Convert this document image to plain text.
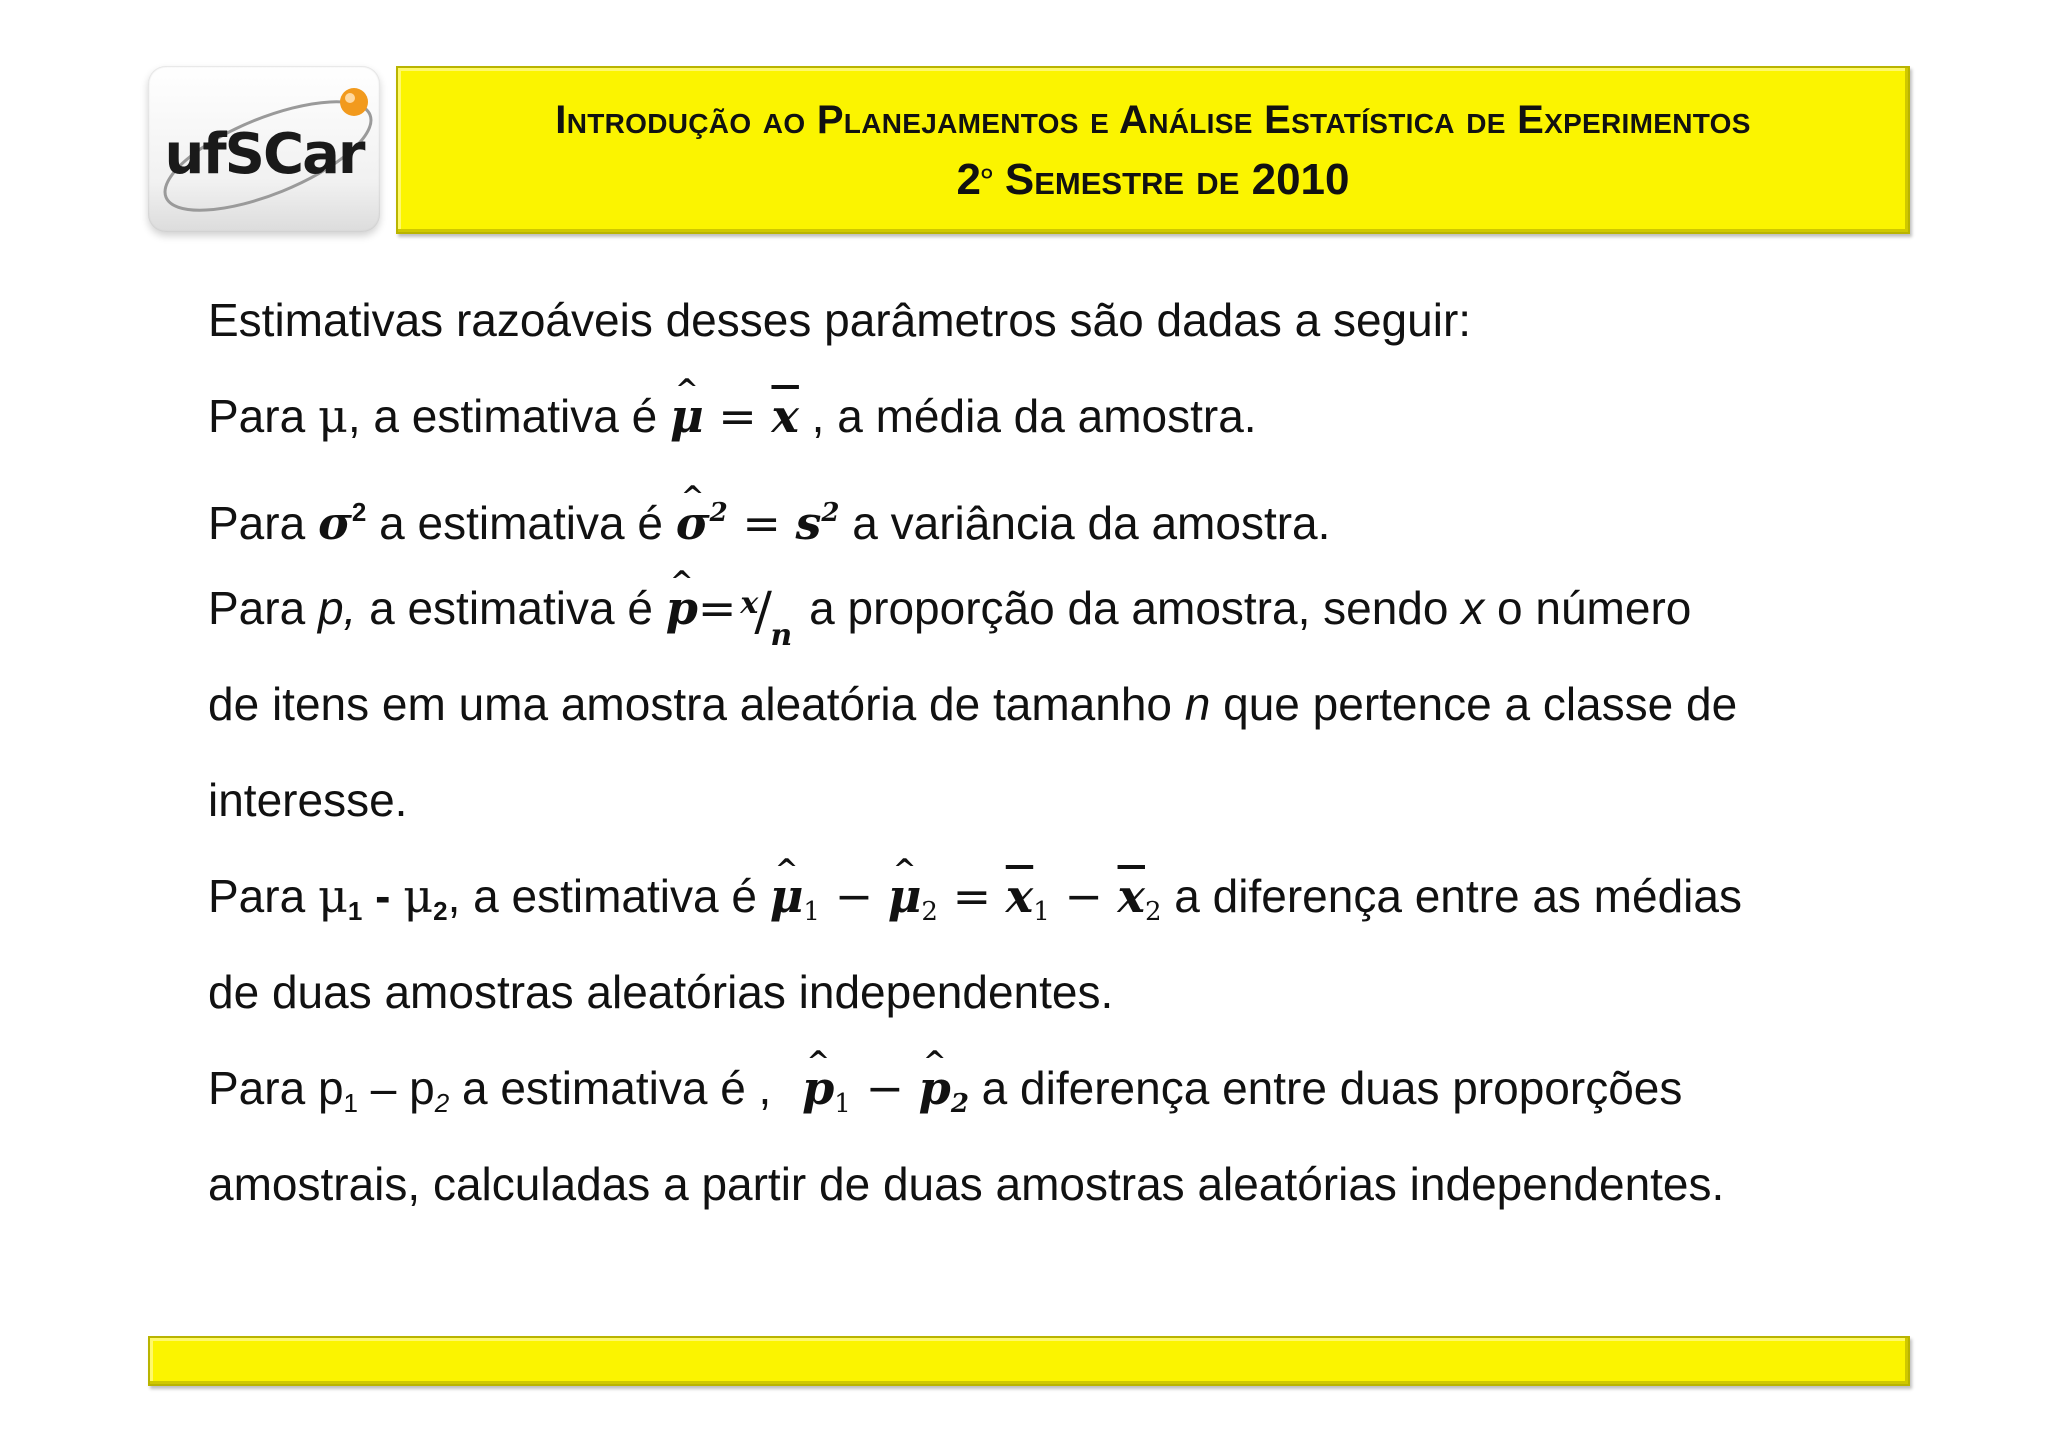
ufSCar
Introdução ao Planejamentos e Análise Estatística de Experimentos
2$^o$ Semestre de 2010
Estimativas razoáveis desses parâmetros são dadas a seguir:
Para μ, a estimativa é ^ $\mu = \overline{x}$ , a média da amostra.
Para $\sigma^2$ a estimativa é ^ $\sigma^2 = s^2$ a variância da amostra.
Para p, a estimativa é ^ p= x
/
n
a proporção da amostra, sendo x o número
de itens em uma amostra aleatória de tamanho n que pertence a classe de
interesse.
Para $\mu_1 - \mu_2$, a estimativa é ^ $\mu_1$ − ^ $\mu_2 = \overline{x}_1 - \overline{x}_2$ a diferença entre as médias
de duas amostras aleatórias independentes.
Para $p_1 - p_2$ a estimativa é , ^ $p_1$ − ^ $p_2$ a diferença entre duas proporções
amostrais, calculadas a partir de duas amostras aleatórias independentes.
